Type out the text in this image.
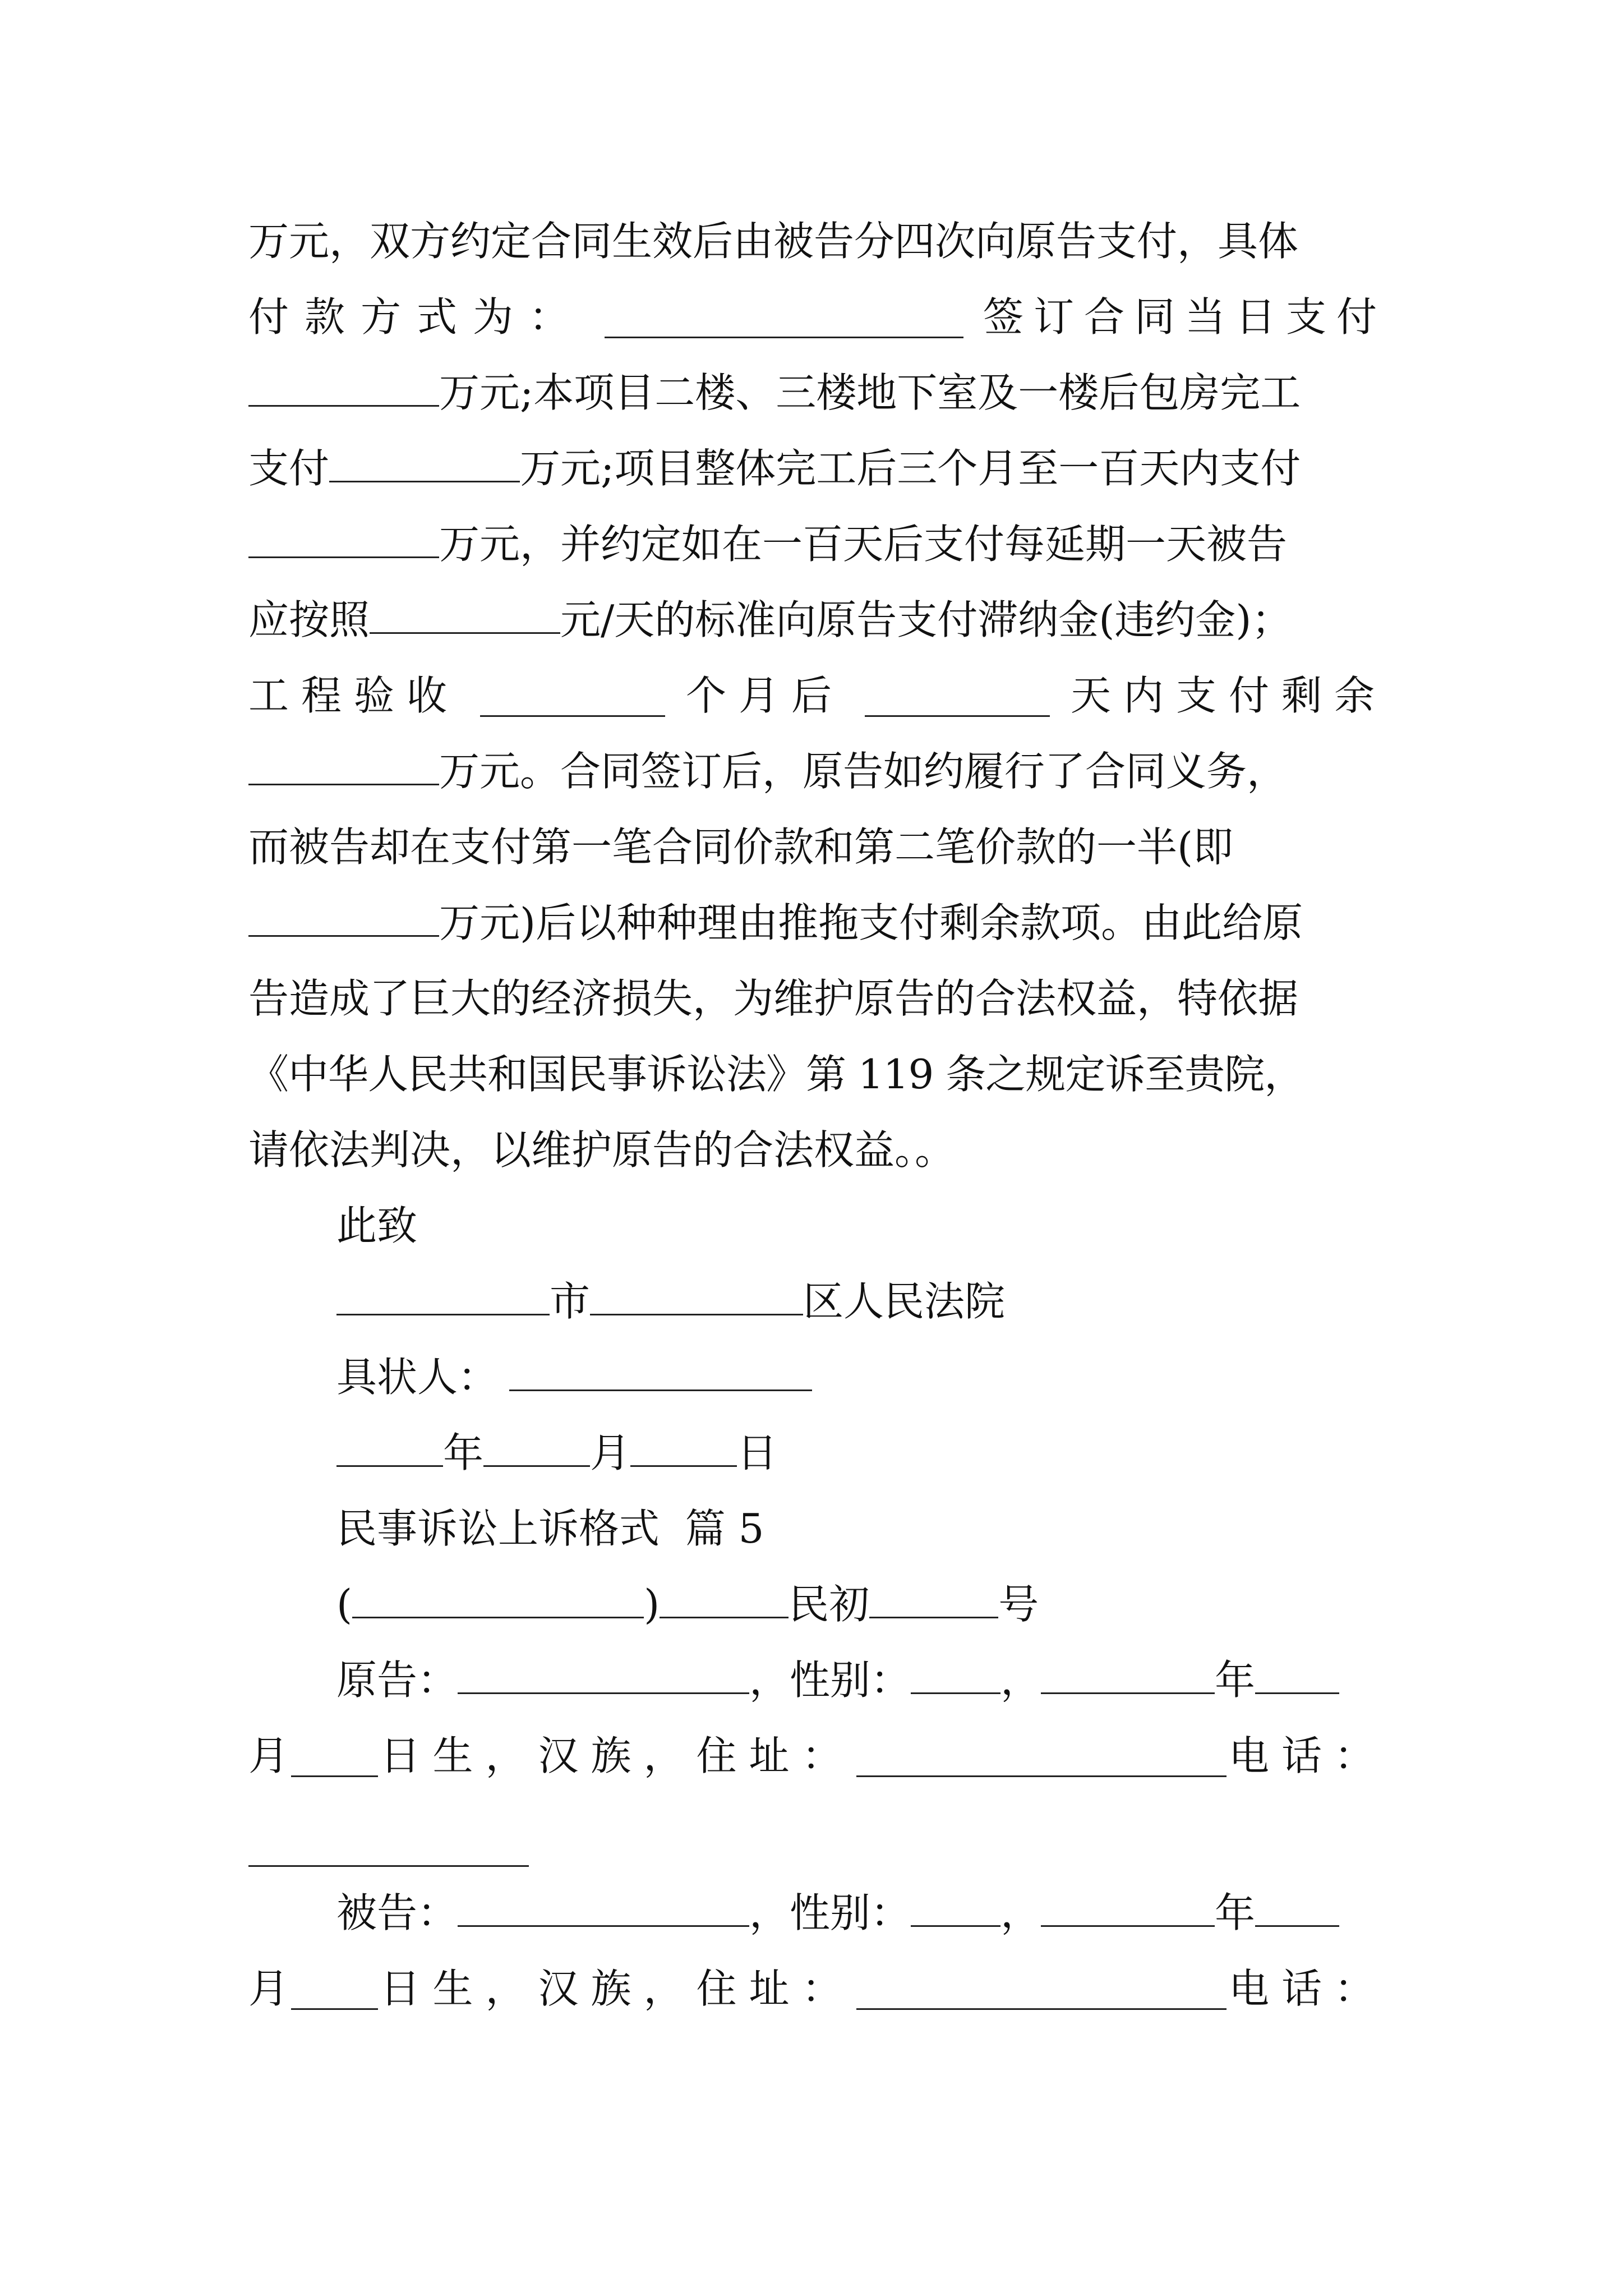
万元，双方约定合同生效后由被告分四次向原告支付，具体
付款方式为：	签订合同当日支付
万元;本项目二楼、三楼地下室及一楼后包房完工
支付	万元;项目整体完工后三个月至一百天内支付
万元，并约定如在一百天后支付每延期一天被告
应按照	元/天的标准向原告支付滞纳金(违约金)；
工程验收	个月后	天内支付剩余
万元。合同签订后，原告如约履行了合同义务，
而被告却在支付第一笔合同价款和第二笔价款的一半(即
万元)后以种种理由推拖支付剩余款项。由此给原
告造成了巨大的经济损失，为维护原告的合法权益，特依据
《中华人民共和国民事诉讼法》第 119 条之规定诉至贵院，
请依法判决，以维护原告的合法权益。。
此致
市	区人民法院
具状人：
年	月	日
民事诉讼上诉格式  篇 5
(	)	民初	号
原告：	，性别： ，	年
月 日生，汉族，住址：	电话：
被告：	，性别： ，	年
月 日生，汉族，住址：	电话：
